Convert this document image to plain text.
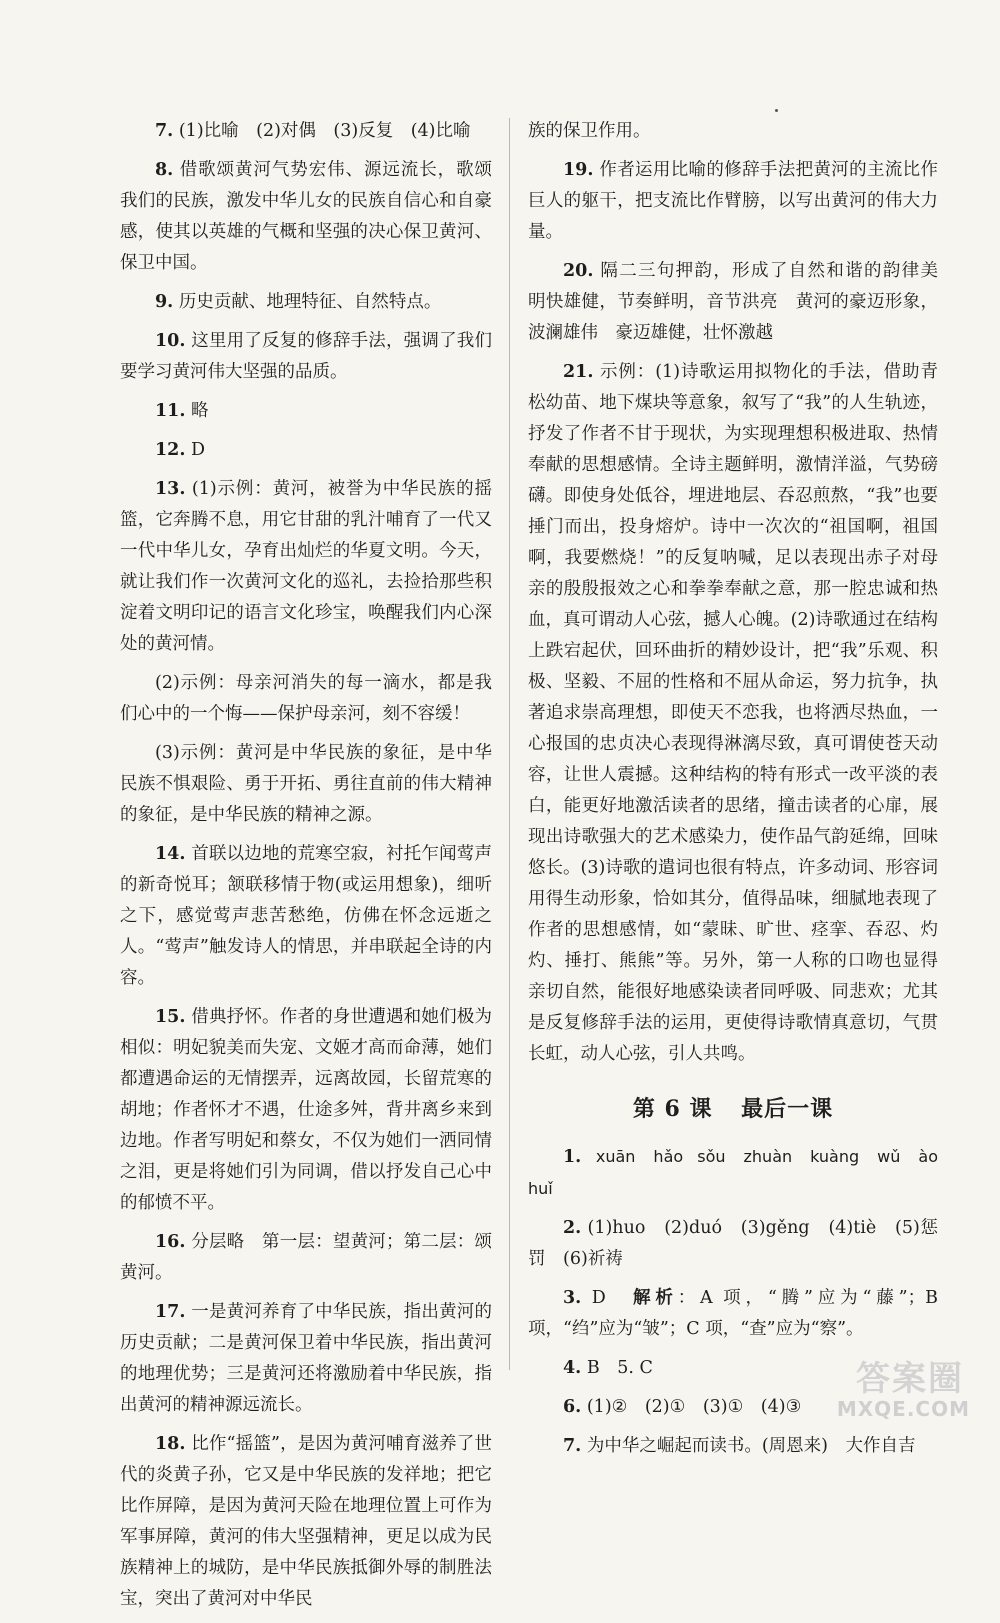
7. (1)比喻　(2)对偶　(3)反复　(4)比喻

8. 借歌颂黄河气势宏伟、源远流长，歌颂我们的民族，激发中华儿女的民族自信心和自豪感，使其以英雄的气概和坚强的决心保卫黄河、保卫中国。

9. 历史贡献、地理特征、自然特点。

10. 这里用了反复的修辞手法，强调了我们要学习黄河伟大坚强的品质。

11. 略

12. D

13. (1)示例：黄河，被誉为中华民族的摇篮，它奔腾不息，用它甘甜的乳汁哺育了一代又一代中华儿女，孕育出灿烂的华夏文明。今天，就让我们作一次黄河文化的巡礼，去捡拾那些积淀着文明印记的语言文化珍宝，唤醒我们内心深处的黄河情。

(2)示例：母亲河消失的每一滴水，都是我们心中的一个悔——保护母亲河，刻不容缓！

(3)示例：黄河是中华民族的象征，是中华民族不惧艰险、勇于开拓、勇往直前的伟大精神的象征，是中华民族的精神之源。

14. 首联以边地的荒寒空寂，衬托乍闻莺声的新奇悦耳；颔联移情于物(或运用想象)，细听之下，感觉莺声悲苦愁绝，仿佛在怀念远逝之人。“莺声”触发诗人的情思，并串联起全诗的内容。

15. 借典抒怀。作者的身世遭遇和她们极为相似：明妃貌美而失宠、文姬才高而命薄，她们都遭遇命运的无情摆弄，远离故园，长留荒寒的胡地；作者怀才不遇，仕途多舛，背井离乡来到边地。作者写明妃和蔡女，不仅为她们一洒同情之泪，更是将她们引为同调，借以抒发自己心中的郁愤不平。

16. 分层略　第一层：望黄河；第二层：颂黄河。

17. 一是黄河养育了中华民族，指出黄河的历史贡献；二是黄河保卫着中华民族，指出黄河的地理优势；三是黄河还将激励着中华民族，指出黄河的精神源远流长。

18. 比作“摇篮”，是因为黄河哺育滋养了世代的炎黄子孙，它又是中华民族的发祥地；把它比作屏障，是因为黄河天险在地理位置上可作为军事屏障，黄河的伟大坚强精神，更足以成为民族精神上的城防，是中华民族抵御外辱的制胜法宝，突出了黄河对中华民

族的保卫作用。

19. 作者运用比喻的修辞手法把黄河的主流比作巨人的躯干，把支流比作臂膀，以写出黄河的伟大力量。

20. 隔二三句押韵，形成了自然和谐的韵律美　明快雄健，节奏鲜明，音节洪亮　黄河的豪迈形象，波澜雄伟　豪迈雄健，壮怀激越

21. 示例：(1)诗歌运用拟物化的手法，借助青松幼苗、地下煤块等意象，叙写了“我”的人生轨迹，抒发了作者不甘于现状，为实现理想积极进取、热情奉献的思想感情。全诗主题鲜明，激情洋溢，气势磅礴。即使身处低谷，埋进地层、吞忍煎熬，“我”也要捶门而出，投身熔炉。诗中一次次的“祖国啊，祖国啊，我要燃烧！”的反复呐喊，足以表现出赤子对母亲的殷殷报效之心和拳拳奉献之意，那一腔忠诚和热血，真可谓动人心弦，撼人心魄。(2)诗歌通过在结构上跌宕起伏，回环曲折的精妙设计，把“我”乐观、积极、坚毅、不屈的性格和不屈从命运，努力抗争，执著追求崇高理想，即使天不恋我，也将洒尽热血，一心报国的忠贞决心表现得淋漓尽致，真可谓使苍天动容，让世人震撼。这种结构的特有形式一改平淡的表白，能更好地激活读者的思绪，撞击读者的心扉，展现出诗歌强大的艺术感染力，使作品气韵延绵，回味悠长。(3)诗歌的遣词也很有特点，许多动词、形容词用得生动形象，恰如其分，值得品味，细腻地表现了作者的思想感情，如“蒙昧、旷世、痉挛、吞忍、灼灼、捶打、熊熊”等。另外，第一人称的口吻也显得亲切自然，能很好地感染读者同呼吸、同悲欢；尤其是反复修辞手法的运用，更使得诗歌情真意切，气贯长虹，动人心弦，引人共鸣。

第 6 课 最后一课

1. xuān hǎo sǒu zhuàn kuàng wǔ ào huǐ

2. (1)huo　(2)duó　(3)gěng　(4)tiè　(5)惩罚　(6)祈祷

3. D　解析：A 项，“腾”应为“藤”；B 项，“绉”应为“皱”；C 项，“查”应为“察”。

4. B　5. C

6. (1)②　(2)①　(3)①　(4)③

7. 为中华之崛起而读书。(周恩来)　大作自吉

答案圈
MXQE.COM
